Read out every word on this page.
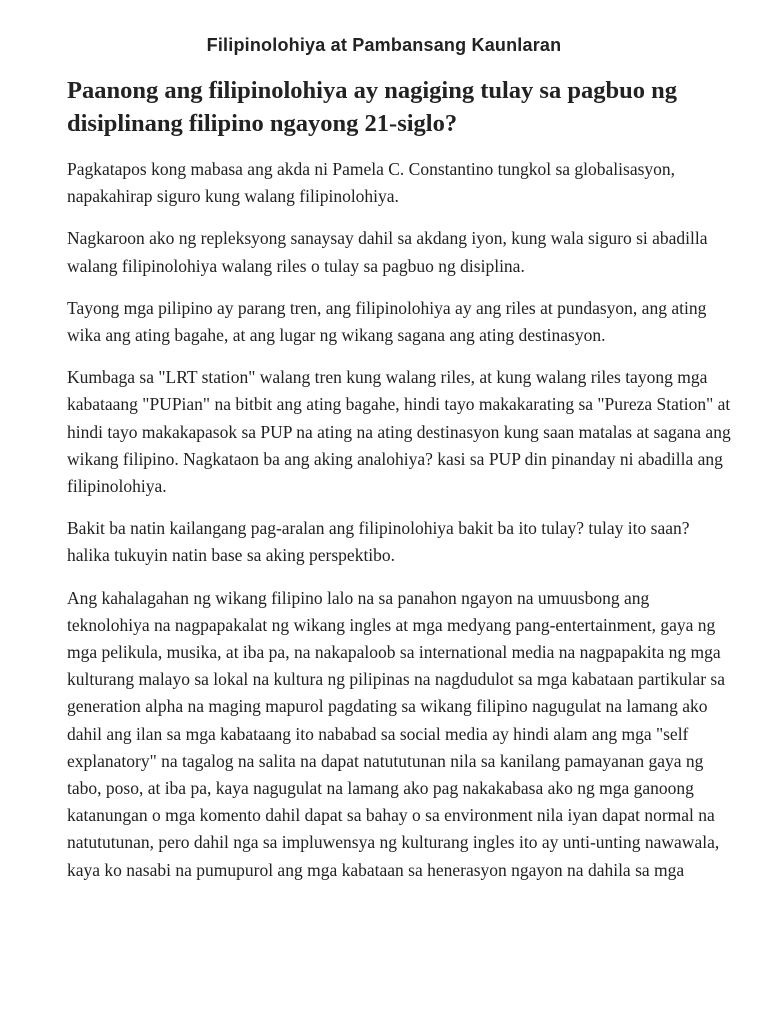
Filipinolohiya at Pambansang Kaunlaran
Paanong ang filipinolohiya ay nagiging tulay sa pagbuo ng disiplinang filipino ngayong 21-siglo?

Pagkatapos kong mabasa ang akda ni Pamela C. Constantino tungkol sa globalisasyon, napakahirap siguro kung walang filipinolohiya.

Nagkaroon ako ng repleksyong sanaysay dahil sa akdang iyon, kung wala siguro si abadilla walang filipinolohiya walang riles o tulay sa pagbuo ng disiplina.

Tayong mga pilipino ay parang tren, ang filipinolohiya ay ang riles at pundasyon, ang ating wika ang ating bagahe, at ang lugar ng wikang sagana ang ating destinasyon.

Kumbaga sa "LRT station" walang tren kung walang riles, at kung walang riles tayong mga kabataang "PUPian" na bitbit ang ating bagahe, hindi tayo makakarating sa "Pureza Station" at hindi tayo makakapasok sa PUP na ating na ating destinasyon kung saan matalas at sagana ang wikang filipino. Nagkataon ba ang aking analohiya? kasi sa PUP din pinanday ni abadilla ang filipinolohiya.

Bakit ba natin kailangang pag-aralan ang filipinolohiya bakit ba ito tulay? tulay ito saan? halika tukuyin natin base sa aking perspektibo.

Ang kahalagahan ng wikang filipino lalo na sa panahon ngayon na umuusbong ang teknolohiya na nagpapakalat ng wikang ingles at mga medyang pang-entertainment, gaya ng mga pelikula, musika, at iba pa, na nakapaloob sa international media na nagpapakita ng mga kulturang malayo sa lokal na kultura ng pilipinas na nagdudulot sa mga kabataan partikular sa generation alpha na maging mapurol pagdating sa wikang filipino nagugulat na lamang ako dahil ang ilan sa mga kabataang ito nababad sa social media ay hindi alam ang mga "self explanatory" na tagalog na salita na dapat natututunan nila sa kanilang pamayanan gaya ng tabo, poso, at iba pa, kaya nagugulat na lamang ako pag nakakabasa ako ng mga ganoong katanungan o mga komento dahil dapat sa bahay o sa environment nila iyan dapat normal na natututunan, pero dahil nga sa impluwensya ng kulturang ingles ito ay unti-unting nawawala, kaya ko nasabi na pumupurol ang mga kabataan sa henerasyon ngayon na dahila sa mga
